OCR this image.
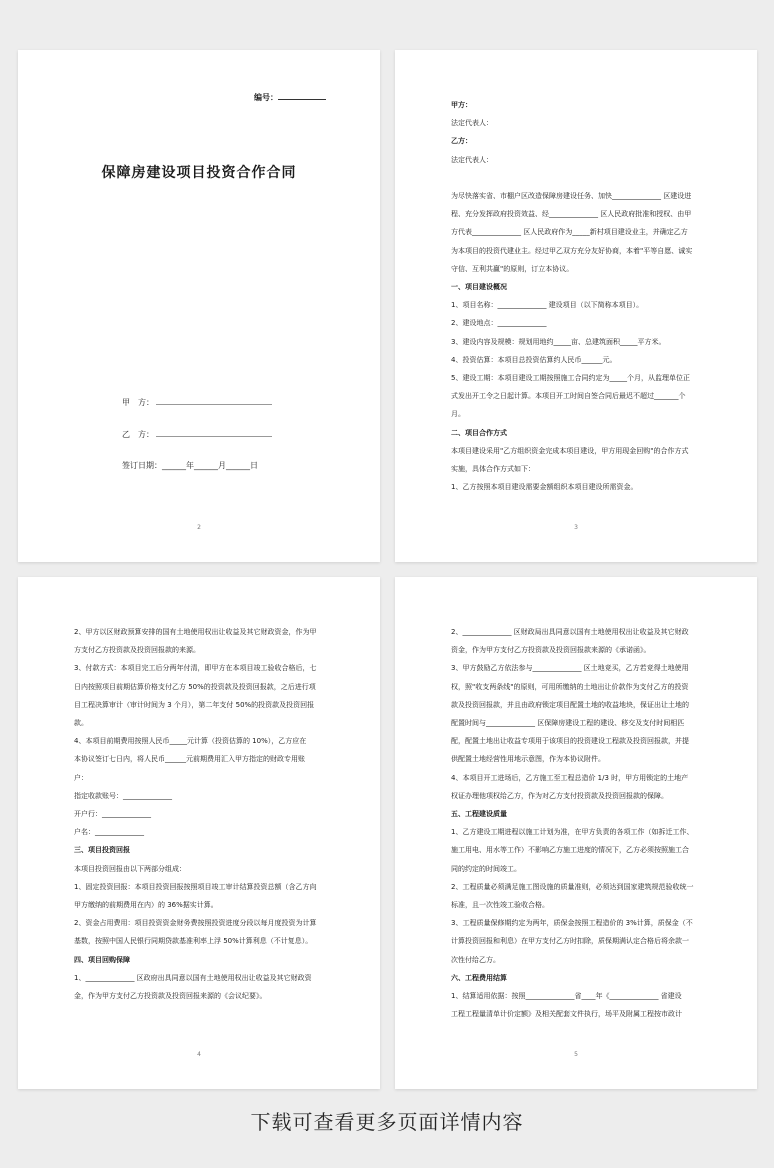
编号：
保障房建设项目投资合作合同
甲　方：
乙　方：
签订日期：______年______月______日
2

甲方：

法定代表人：

乙方：

法定代表人：

为尽快落实省、市棚户区改造保障房建设任务、加快______________ 区建设进

程、充分发挥政府投资效益、经______________ 区人民政府批准和授权、由甲

方代表______________ 区人民政府作为_____新村项目建设业主，并确定乙方

为本项目的投资代建业主。经过甲乙双方充分友好协商，本着"平等自愿、诚实

守信、互利共赢"的原则，订立本协议。

一、项目建设概况

1、项目名称：______________ 建设项目（以下简称本项目）。

2、建设地点：______________

3、建设内容及规模：规划用地约_____亩、总建筑面积_____平方米。

4、投资估算：本项目总投资估算约人民币______元。

5、建设工期：本项目建设工期按照施工合同约定为_____个月，从监理单位正

式发出开工令之日起计算。本项目开工时间自签合同后最迟不超过_______个

月。

二、项目合作方式

本项目建设采用"乙方组织资金完成本项目建设，甲方用现金回购"的合作方式

实施，具体合作方式如下：

1、乙方按照本项目建设需要金额组织本项目建设所需资金。

3

2、甲方以区财政预算安排的国有土地使用权出让收益及其它财政资金，作为甲

方支付乙方投资款及投资回报款的来源。

3、付款方式：本项目完工后分两年付清，即甲方在本项目竣工验收合格后，七

日内按照项目前期估算价格支付乙方 50%的投资款及投资回报款，之后进行项

目工程决算审计（审计时间为 3 个月），第二年支付 50%的投资款及投资回报

款。

4、本项目前期费用按照人民币_____元计算（投资估算的 10%），乙方应在

本协议签订七日内，将人民币______元前期费用汇入甲方指定的财政专用账

户：

指定收款账号：______________

开户行：______________

户名：______________

三、项目投资回报

本项目投资回报由以下两部分组成：

1、固定投资回报：本项目投资回报按照项目竣工审计结算投资总额（含乙方向

甲方缴纳的前期费用在内）的 36%据实计算。

2、资金占用费用：项目投资资金财务费按照投资进度分段以每月度投资为计算

基数，按照中国人民银行同期贷款基准利率上浮 50%计算利息（不计复息）。

四、项目回购保障

1、______________ 区政府出具同意以国有土地使用权出让收益及其它财政资

金，作为甲方支付乙方投资款及投资回报来源的《会议纪要》。

4

2、______________ 区财政局出具同意以国有土地使用权出让收益及其它财政

资金，作为甲方支付乙方投资款及投资回报款来源的《承诺函》。

3、甲方鼓励乙方依法参与______________ 区土地竞买，乙方若竞得土地使用

权，照"收支两条线"的原则，可用所缴纳的土地出让价款作为支付乙方的投资

款及投资回报款，并且由政府锁定项目配置土地的收益地块，保证出让土地的

配置时间与______________ 区保障房建设工程的建设、移交及支付时间相匹

配，配置土地出让收益专项用于该项目的投资建设工程款及投资回报款，并提

供配置土地经营性用地示意图，作为本协议附件。

4、本项目开工进场后，乙方施工至工程总造价 1/3 时，甲方用锁定的土地产

权证办理他项权给乙方，作为对乙方支付投资款及投资回报款的保障。

五、工程建设质量

1、乙方建设工期进程以施工计划为准，在甲方负责的各项工作（如拆迁工作、

施工用电、用水等工作）不影响乙方施工进度的情况下，乙方必须按照施工合

同的约定的时间竣工。

2、工程质量必须满足施工图设施的质量准则，必须达到国家建筑规范验收统一

标准，且一次性竣工验收合格。

3、工程质量保修期约定为两年，质保金按照工程造价的 3%计算，质保金（不

计算投资回报和利息）在甲方支付乙方时扣除，质保期满认定合格后将余款一

次性付给乙方。

六、工程费用结算

1、结算适用依据：按照______________省____年《______________ 省建设

工程工程量清单计价定额》及相关配套文件执行，场平及附属工程按市政计

5
下载可查看更多页面详情内容
